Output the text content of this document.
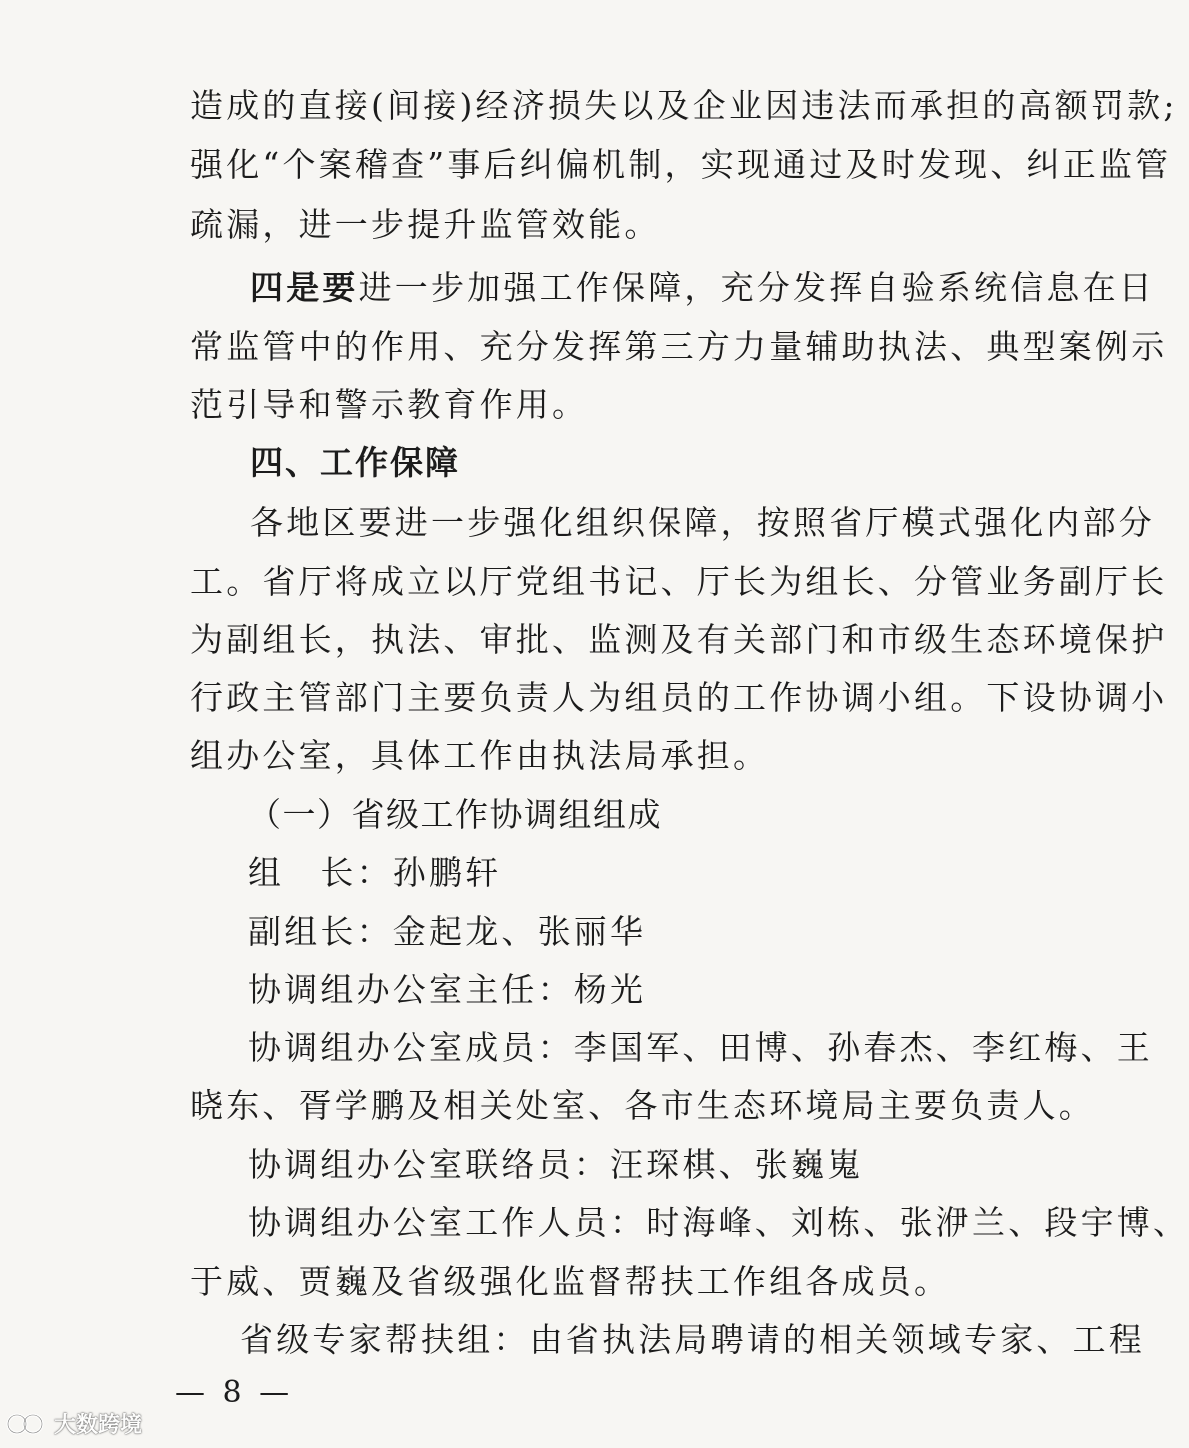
造成的直接(间接)经济损失以及企业因违法而承担的高额罚款;
强化“个案稽查”事后纠偏机制，实现通过及时发现、纠正监管
疏漏，进一步提升监管效能。
四是要进一步加强工作保障，充分发挥自验系统信息在日
常监管中的作用、充分发挥第三方力量辅助执法、典型案例示
范引导和警示教育作用。
四、工作保障
各地区要进一步强化组织保障，按照省厅模式强化内部分
工。省厅将成立以厅党组书记、厅长为组长、分管业务副厅长
为副组长，执法、审批、监测及有关部门和市级生态环境保护
行政主管部门主要负责人为组员的工作协调小组。下设协调小
组办公室，具体工作由执法局承担。
（一）省级工作协调组组成
组　长：孙鹏轩
副组长：金起龙、张丽华
协调组办公室主任：杨光
协调组办公室成员：李国军、田博、孙春杰、李红梅、王
晓东、胥学鹏及相关处室、各市生态环境局主要负责人。
协调组办公室联络员：汪琛棋、张巍嵬
协调组办公室工作人员：时海峰、刘栋、张洢兰、段宇博、
于威、贾巍及省级强化监督帮扶工作组各成员。
省级专家帮扶组：由省执法局聘请的相关领域专家、工程
— 8 —
大数跨境
